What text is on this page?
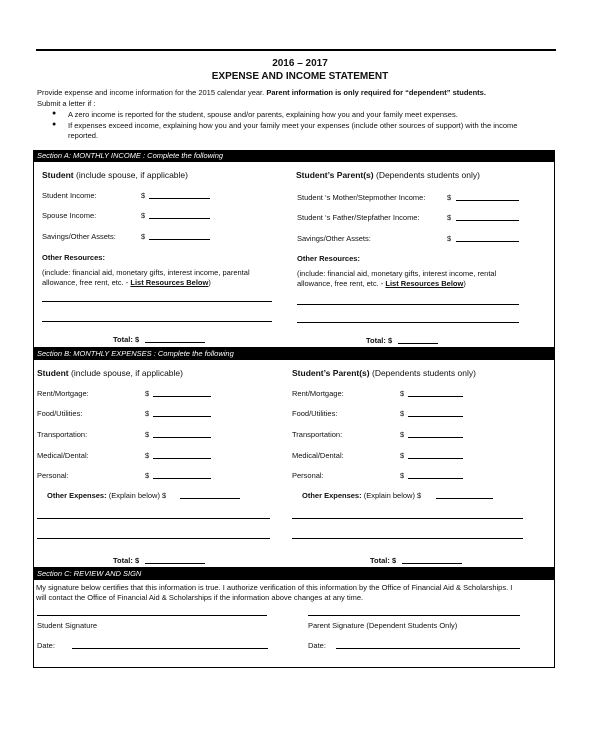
2016 – 2017
EXPENSE AND INCOME STATEMENT
Provide expense and income information for the 2015 calendar year. Parent information is only required for “dependent” students.
Submit a letter if :
● A zero income is reported for the student, spouse and/or parents, explaining how you and your family meet expenses.
● If expenses exceed income, explaining how you and your family meet your expenses (include other sources of support) with the income
reported.
Section A: MONTHLY INCOME : Complete the following
Student (include spouse, if applicable)	Student’s Parent(s) (Dependents students only)
Student Income:	$
Spouse Income:	$
Savings/Other Assets:	$
Student ‘s Mother/Stepmother Income:	$
Student ‘s Father/Stepfather Income:	$
Savings/Other Assets:	$
Other Resources:	Other Resources:
(include: financial aid, monetary gifts, interest income, parental
allowance, free rent, etc. - List Resources Below)
(include: financial aid, monetary gifts, interest income, rental
allowance, free rent, etc. - List Resources Below)
Total: $	Total: $
Section B: MONTHLY EXPENSES : Complete the following
Student (include spouse, if applicable)	Student’s Parent(s) (Dependents students only)
Rent/Mortgage:	$
Food/Utilities:	$
Transportation:	$
Medical/Dental:	$
Personal:	$
Rent/Mortgage:	$
Food/Utilities:	$
Transportation:	$
Medical/Dental:	$
Personal:	$
Other Expenses: (Explain below) $	Other Expenses: (Explain below) $
Total: $	Total: $
Section C: REVIEW AND SIGN
My signature below certifies that this information is true. I authorize verification of this information by the Office of Financial Aid & Scholarships. I
will contact the Office of Financial Aid & Scholarships if the information above changes at any time.
Student Signature	Parent Signature (Dependent Students Only)
Date:	Date:
